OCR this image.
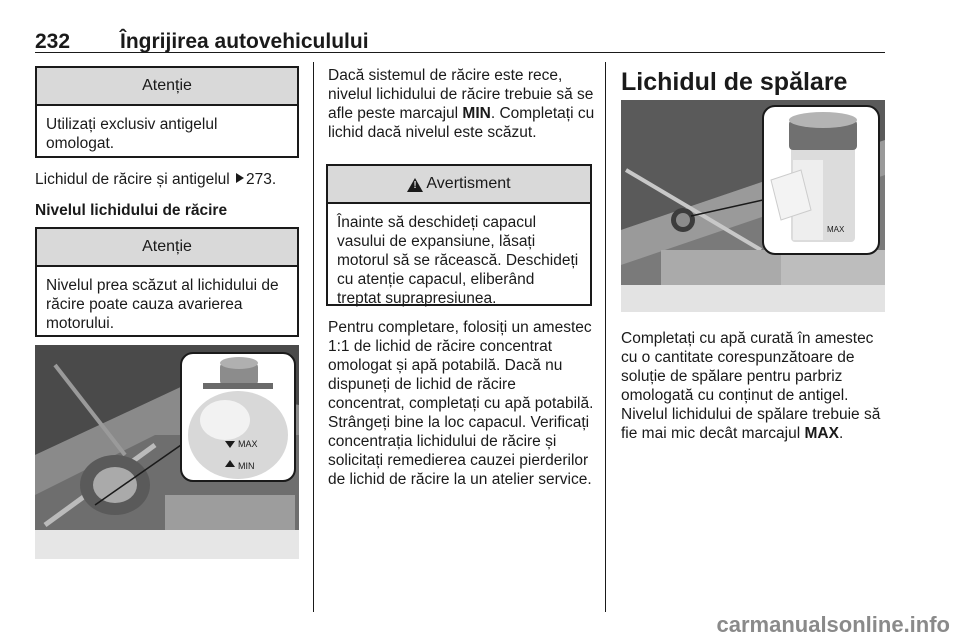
232 Îngrijirea autovehiculului
Atenție
Utilizați exclusiv antigelul omologat.
Lichidul de răcire și antigelul 273.
Nivelul lichidului de răcire
Atenție
Nivelul prea scăzut al lichidului de răcire poate cauza avarierea motorului.
MAX
MIN
Dacă sistemul de răcire este rece, nivelul lichidului de răcire trebuie să se afle peste marcajul MIN. Completați cu lichid dacă nivelul este scăzut.
!
Avertisment
Înainte să deschideți capacul vasului de expansiune, lăsați motorul să se răcească. Deschideți cu atenție capacul, eliberând treptat suprapresiunea.
Pentru completare, folosiți un amestec 1:1 de lichid de răcire concentrat omologat și apă potabilă. Dacă nu dispuneți de lichid de răcire concentrat, completați cu apă potabilă. Strângeți bine la loc capacul. Verificați concentrația lichidului de răcire și solicitați remedierea cauzei pierderilor de lichid de răcire la un atelier service.
Lichidul de spălare
MAX
Completați cu apă curată în amestec cu o cantitate corespunzătoare de soluție de spălare pentru parbriz omologată cu conținut de antigel.
Nivelul lichidului de spălare trebuie să fie mai mic decât marcajul MAX.
carmanualsonline.info
